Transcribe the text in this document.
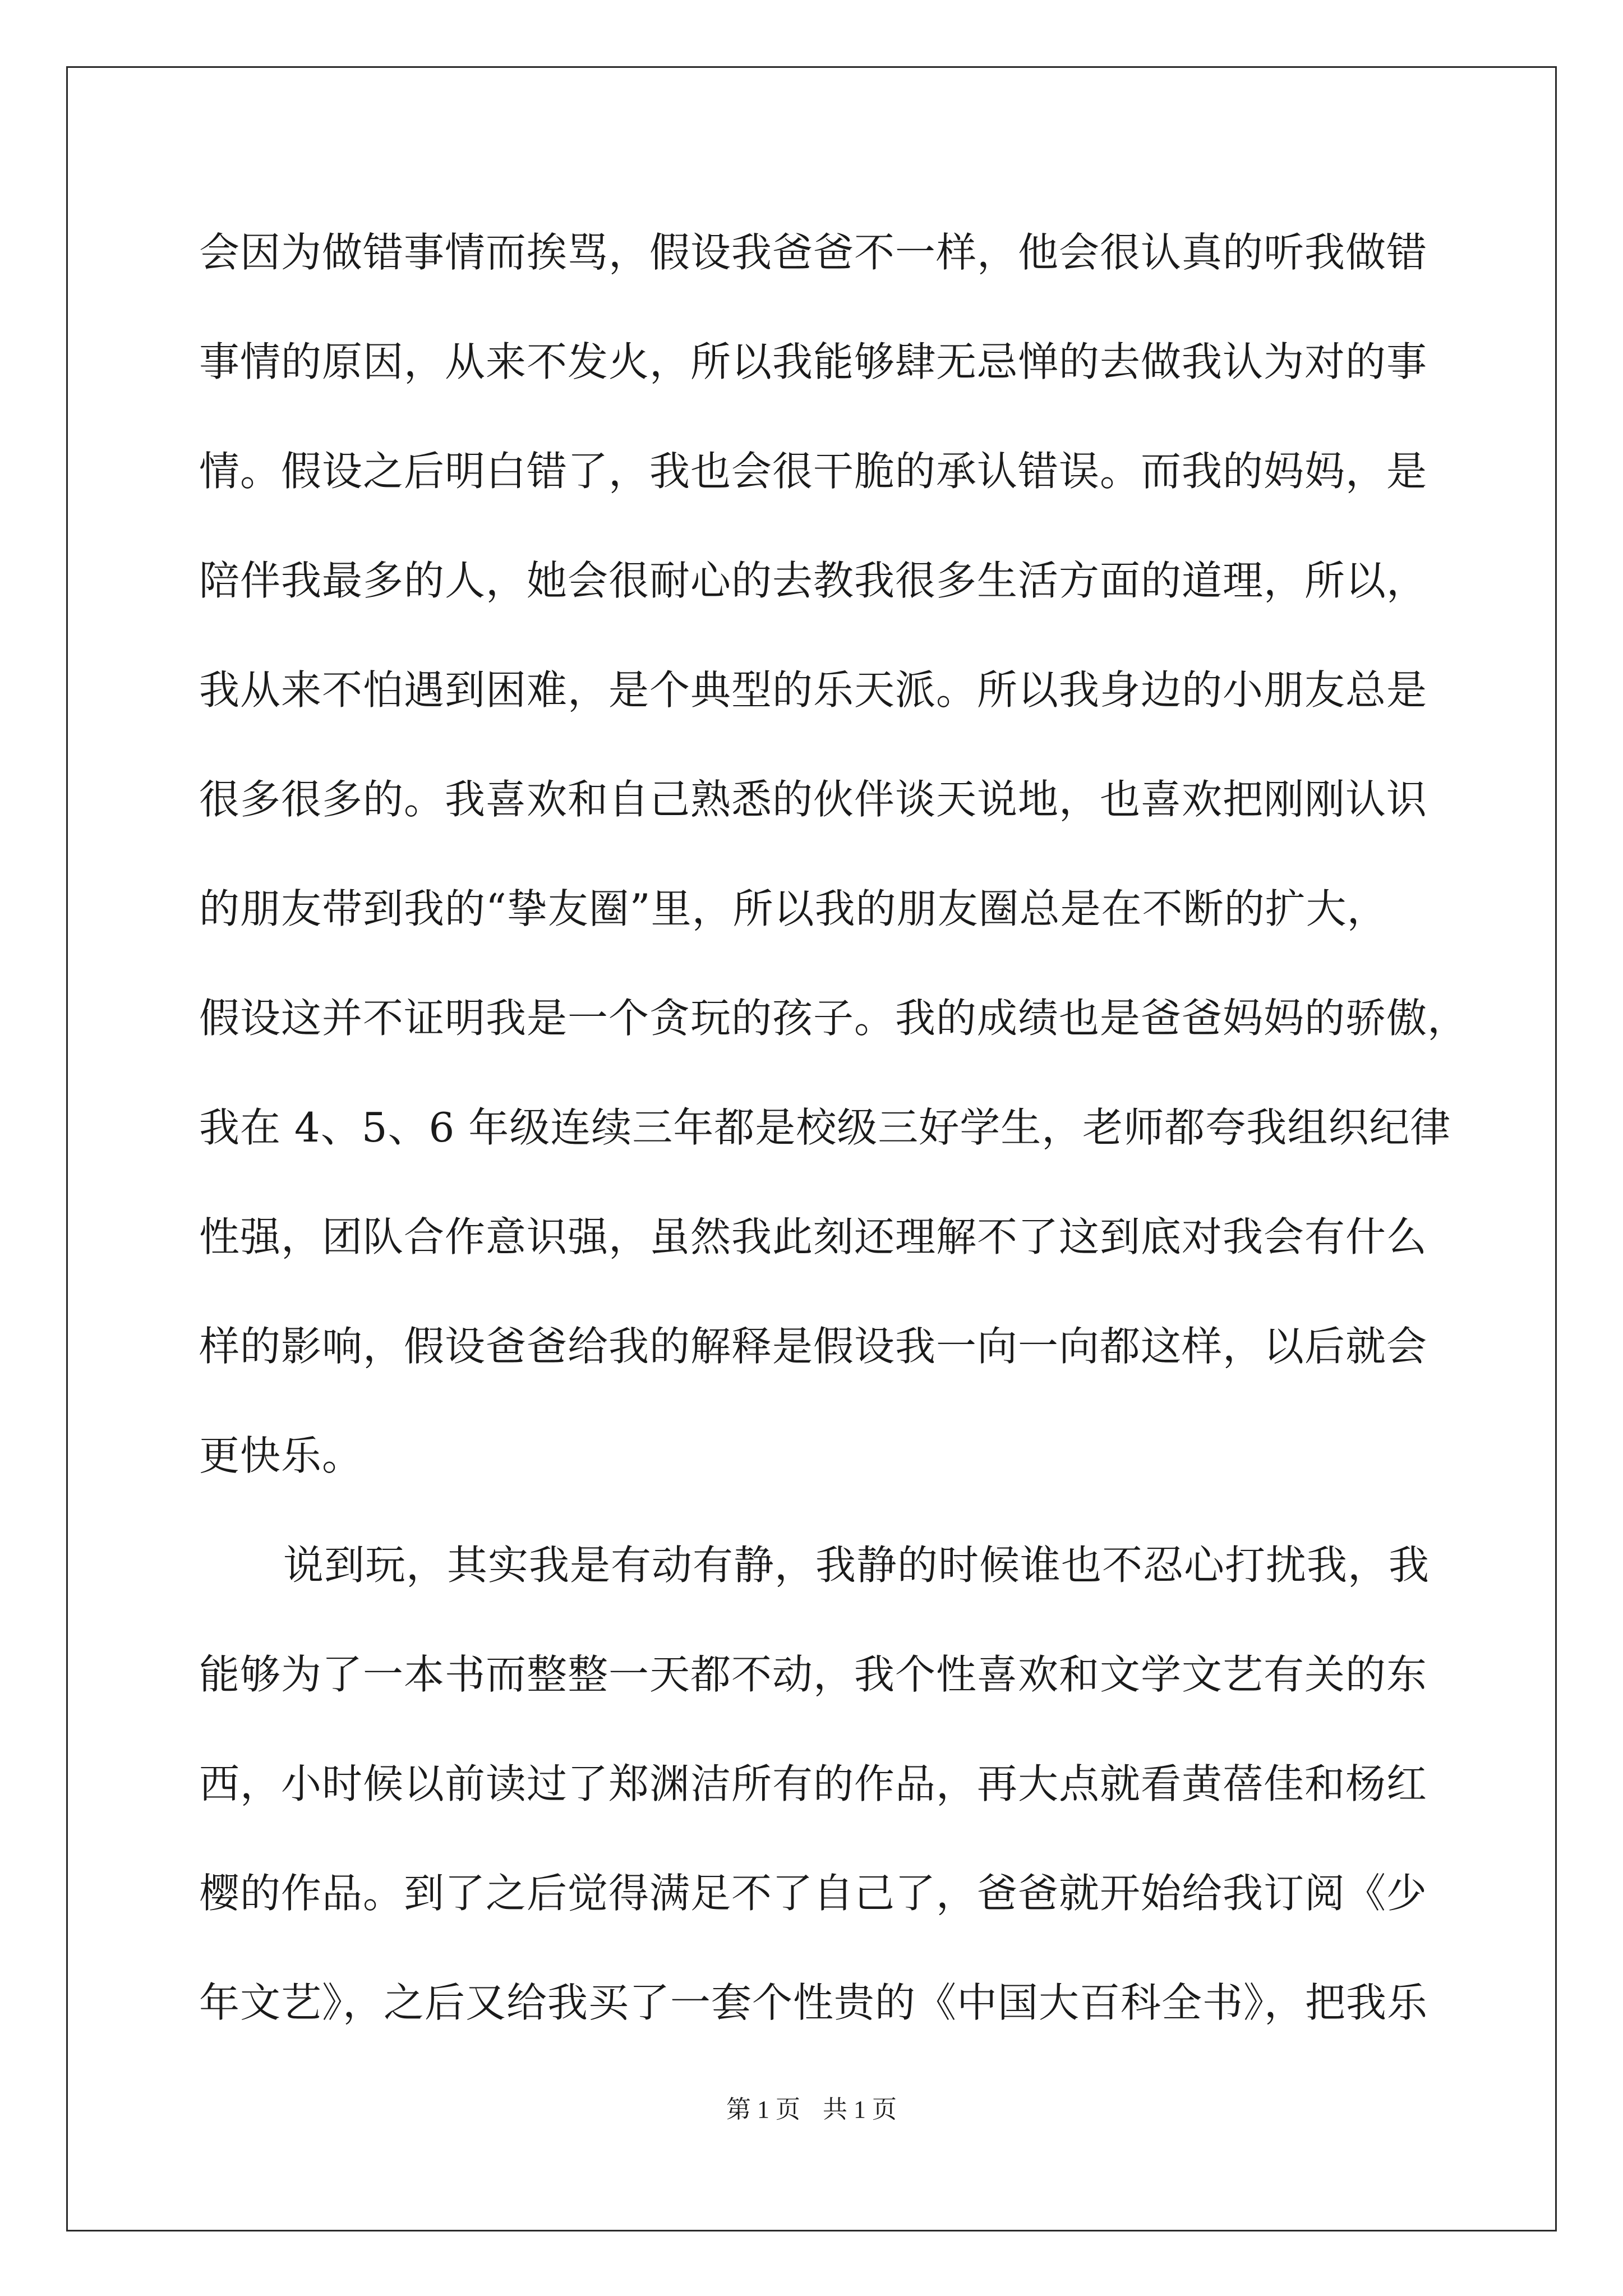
会因为做错事情而挨骂，假设我爸爸不一样，他会很认真的听我做错
事情的原因，从来不发火，所以我能够肆无忌惮的去做我认为对的事
情。假设之后明白错了，我也会很干脆的承认错误。而我的妈妈，是
陪伴我最多的人，她会很耐心的去教我很多生活方面的道理，所以，
我从来不怕遇到困难，是个典型的乐天派。所以我身边的小朋友总是
很多很多的。我喜欢和自己熟悉的伙伴谈天说地，也喜欢把刚刚认识
的朋友带到我的“挚友圈”里，所以我的朋友圈总是在不断的扩大，
假设这并不证明我是一个贪玩的孩子。我的成绩也是爸爸妈妈的骄傲，
我在 4、5、6 年级连续三年都是校级三好学生，老师都夸我组织纪律
性强，团队合作意识强，虽然我此刻还理解不了这到底对我会有什么
样的影响，假设爸爸给我的解释是假设我一向一向都这样，以后就会
更快乐。
说到玩，其实我是有动有静，我静的时候谁也不忍心打扰我，我
能够为了一本书而整整一天都不动，我个性喜欢和文学文艺有关的东
西，小时候以前读过了郑渊洁所有的作品，再大点就看黄蓓佳和杨红
樱的作品。到了之后觉得满足不了自己了，爸爸就开始给我订阅《少
年文艺》，之后又给我买了一套个性贵的《中国大百科全书》，把我乐
第 1 页 共 1 页
